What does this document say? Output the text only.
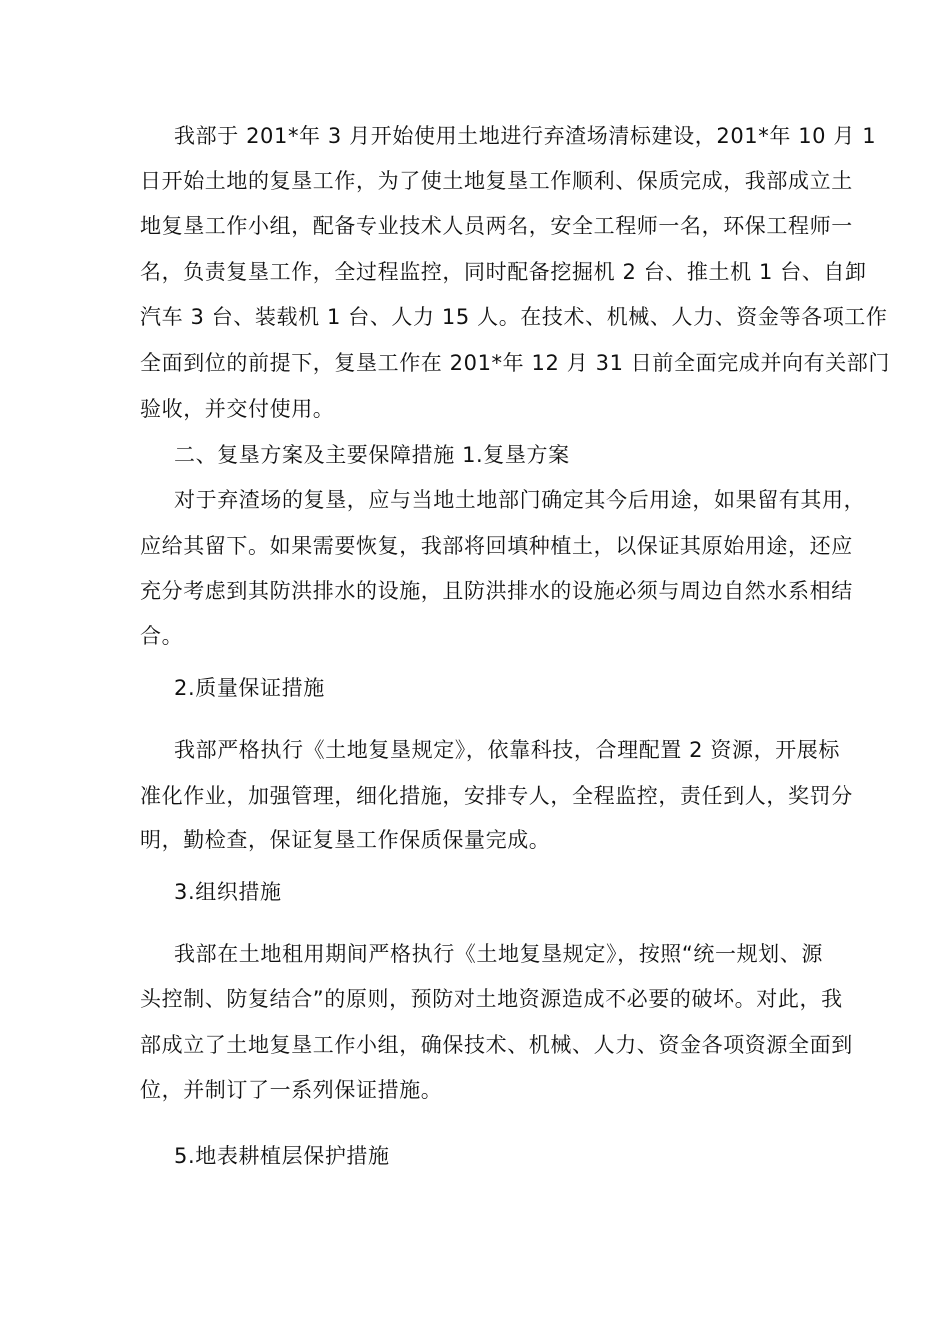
我部于 201*年 3 月开始使用土地进行弃渣场清标建设，201*年 10 月 1
日开始土地的复垦工作，为了使土地复垦工作顺利、保质完成，我部成立土
地复垦工作小组，配备专业技术人员两名，安全工程师一名，环保工程师一
名，负责复垦工作，全过程监控，同时配备挖掘机 2 台、推土机 1 台、自卸
汽车 3 台、装载机 1 台、人力 15 人。在技术、机械、人力、资金等各项工作
全面到位的前提下，复垦工作在 201*年 12 月 31 日前全面完成并向有关部门
验收，并交付使用。
二、复垦方案及主要保障措施 1.复垦方案
对于弃渣场的复垦，应与当地土地部门确定其今后用途，如果留有其用，
应给其留下。如果需要恢复，我部将回填种植土，以保证其原始用途，还应
充分考虑到其防洪排水的设施，且防洪排水的设施必须与周边自然水系相结
合。
2.质量保证措施
我部严格执行《土地复垦规定》，依靠科技，合理配置 2 资源，开展标
准化作业，加强管理，细化措施，安排专人，全程监控，责任到人，奖罚分
明，勤检查，保证复垦工作保质保量完成。
3.组织措施
我部在土地租用期间严格执行《土地复垦规定》，按照“统一规划、源
头控制、防复结合”的原则，预防对土地资源造成不必要的破坏。对此，我
部成立了土地复垦工作小组，确保技术、机械、人力、资金各项资源全面到
位，并制订了一系列保证措施。
5.地表耕植层保护措施
